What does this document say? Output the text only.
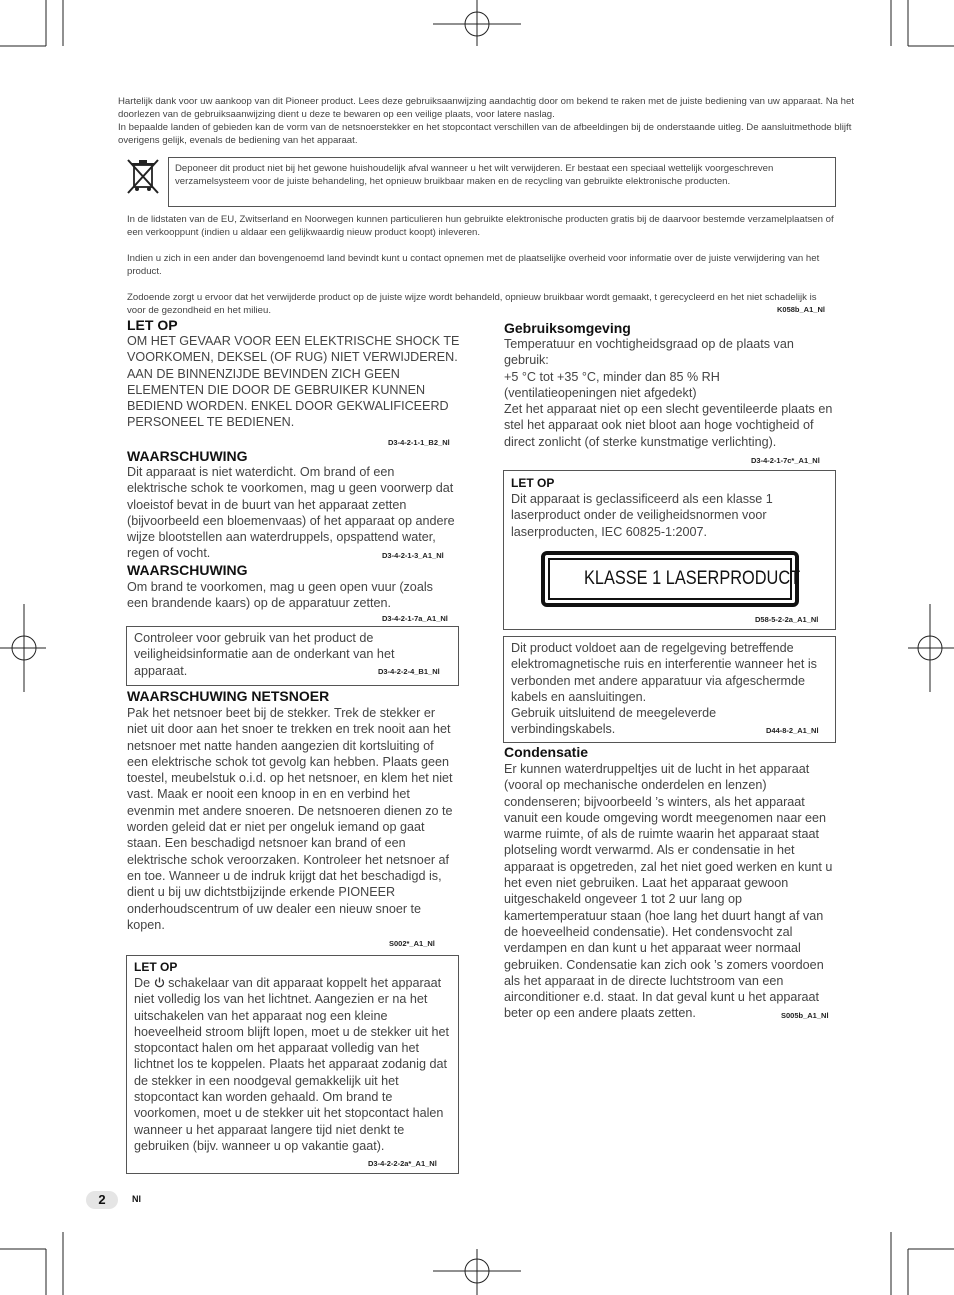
Hartelijk dank voor uw aankoop van dit Pioneer product. Lees deze gebruiksaanwijzing aandachtig door om bekend te raken met de juiste bediening van uw apparaat. Na het doorlezen van de gebruiksaanwijzing dient u deze te bewaren op een veilige plaats, voor latere naslag.

In bepaalde landen of gebieden kan de vorm van de netsnoerstekker en het stopcontact verschillen van de afbeeldingen bij de onderstaande uitleg. De aansluitmethode blijft overigens gelijk, evenals de bediening van het apparaat.

Deponeer dit product niet bij het gewone huishoudelijk afval wanneer u het wilt verwijderen. Er bestaat een speciaal wettelijk voorgeschreven verzamelsysteem voor de juiste behandeling, het opnieuw bruikbaar maken en de recycling van gebruikte elektronische producten.

In de lidstaten van de EU, Zwitserland en Noorwegen kunnen particulieren hun gebruikte elektronische producten gratis bij de daarvoor bestemde verzamelplaatsen of een verkooppunt (indien u aldaar een gelijkwaardig nieuw product koopt) inleveren.

Indien u zich in een ander dan bovengenoemd land bevindt kunt u contact opnemen met de plaatselijke overheid voor informatie over de juiste verwijdering van het product.

Zodoende zorgt u ervoor dat het verwijderde product op de juiste wijze wordt behandeld, opnieuw bruikbaar wordt gemaakt, t gerecycleerd en het niet schadelijk is voor de gezondheid en het milieu.	K058b_A1_Nl
LET OP
OM HET GEVAAR VOOR EEN ELEKTRISCHE SHOCK TE VOORKOMEN, DEKSEL (OF RUG) NIET VERWIJDEREN. AAN DE BINNENZIJDE BEVINDEN ZICH GEEN ELEMENTEN DIE DOOR DE GEBRUIKER KUNNEN BEDIEND WORDEN. ENKEL DOOR GEKWALIFICEERD PERSONEEL TE BEDIENEN.
D3-4-2-1-1_B2_Nl
WAARSCHUWING
Dit apparaat is niet waterdicht. Om brand of een elektrische schok te voorkomen, mag u geen voorwerp dat vloeistof bevat in de buurt van het apparaat zetten (bijvoorbeeld een bloemenvaas) of het apparaat op andere wijze blootstellen aan waterdruppels, opspattend water, regen of vocht.	D3-4-2-1-3_A1_Nl
WAARSCHUWING
Om brand te voorkomen, mag u geen open vuur (zoals een brandende kaars) op de apparatuur zetten.
D3-4-2-1-7a_A1_Nl

Controleer voor gebruik van het product de veiligheidsinformatie aan de onderkant van het apparaat.	D3-4-2-2-4_B1_Nl
WAARSCHUWING NETSNOER
Pak het netsnoer beet bij de stekker. Trek de stekker er niet uit door aan het snoer te trekken en trek nooit aan het netsnoer met natte handen aangezien dit kortsluiting of een elektrische schok tot gevolg kan hebben. Plaats geen toestel, meubelstuk o.i.d. op het netsnoer, en klem het niet vast. Maak er nooit een knoop in en en verbind het evenmin met andere snoeren. De netsnoeren dienen zo te worden geleid dat er niet per ongeluk iemand op gaat staan. Een beschadigd netsnoer kan brand of een elektrische schok veroorzaken. Kontroleer het netsnoer af en toe. Wanneer u de indruk krijgt dat het beschadigd is, dient u bij uw dichtstbijzijnde erkende PIONEER onderhoudscentrum of uw dealer een nieuw snoer te kopen.
S002*_A1_Nl

LET OP

De  schakelaar van dit apparaat koppelt het apparaat niet volledig los van het lichtnet. Aangezien er na het uitschakelen van het apparaat nog een kleine hoeveelheid stroom blijft lopen, moet u de stekker uit het stopcontact halen om het apparaat volledig van het lichtnet los te koppelen. Plaats het apparaat zodanig dat de stekker in een noodgeval gemakkelijk uit het stopcontact kan worden gehaald. Om brand te voorkomen, moet u de stekker uit het stopcontact halen wanneer u het apparaat langere tijd niet denkt te gebruiken (bijv. wanneer u op vakantie gaat).

D3-4-2-2-2a*_A1_Nl
Gebruiksomgeving

Temperatuur en vochtigheidsgraad op de plaats van gebruik:

+5 °C tot +35 °C, minder dan 85 % RH (ventilatieopeningen niet afgedekt)

Zet het apparaat niet op een slecht geventileerde plaats en stel het apparaat ook niet bloot aan hoge vochtigheid of direct zonlicht (of sterke kunstmatige verlichting).

D3-4-2-1-7c*_A1_Nl

LET OP

Dit apparaat is geclassificeerd als een klasse 1 laserproduct onder de veiligheidsnormen voor laserproducten, IEC 60825-1:2007.

KLASSE 1 LASERPRODUCT
D58-5-2-2a_A1_Nl

Dit product voldoet aan de regelgeving betreffende elektromagnetische ruis en interferentie wanneer het is verbonden met andere apparatuur via afgeschermde kabels en aansluitingen.

Gebruik uitsluitend de meegeleverde verbindingskabels.	D44-8-2_A1_Nl
Condensatie
Er kunnen waterdruppeltjes uit de lucht in het apparaat (vooral op mechanische onderdelen en lenzen) condenseren; bijvoorbeeld ’s winters, als het apparaat vanuit een koude omgeving wordt meegenomen naar een warme ruimte, of als de ruimte waarin het apparaat staat plotseling wordt verwarmd. Als er condensatie in het apparaat is opgetreden, zal het niet goed werken en kunt u het even niet gebruiken. Laat het apparaat gewoon uitgeschakeld ongeveer 1 tot 2 uur lang op kamertemperatuur staan (hoe lang het duurt hangt af van de hoeveelheid condensatie). Het condensvocht zal verdampen en dan kunt u het apparaat weer normaal gebruiken. Condensatie kan zich ook ’s zomers voordoen als het apparaat in de directe luchtstroom van een airconditioner e.d. staat. In dat geval kunt u het apparaat beter op een andere plaats zetten.	S005b_A1_Nl
2	Nl
